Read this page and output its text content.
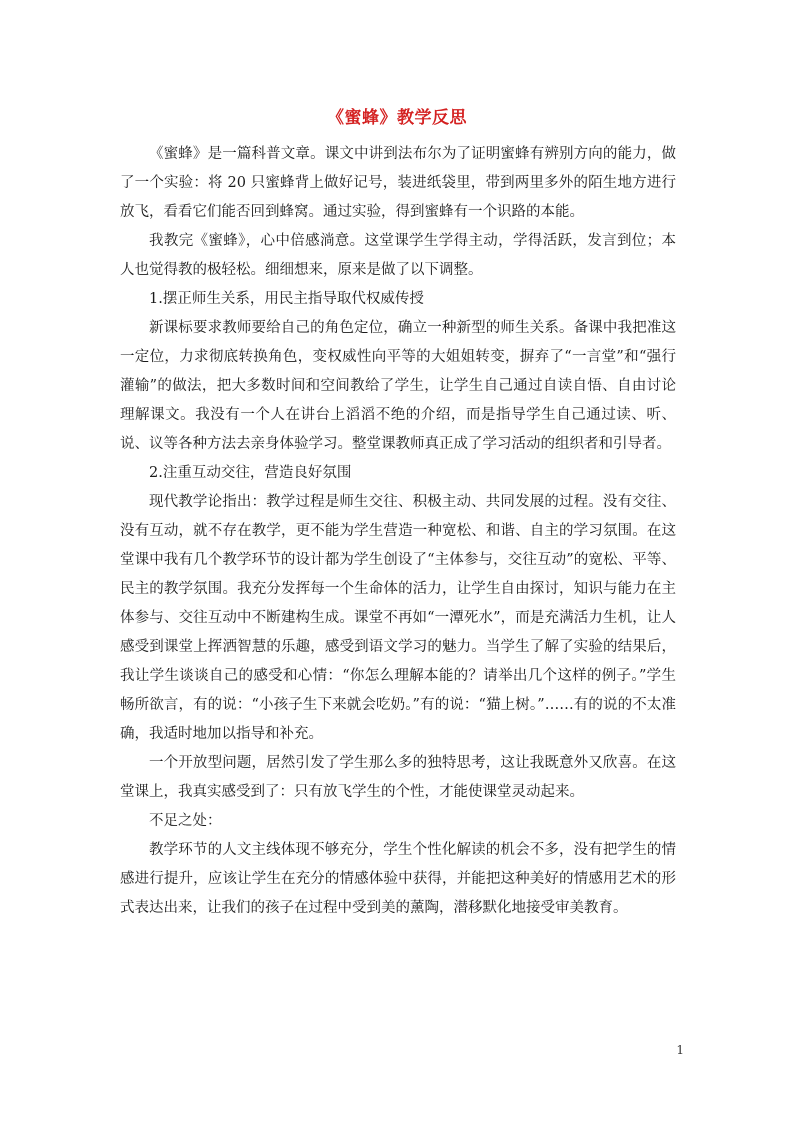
《蜜蜂》教学反思

《蜜蜂》是一篇科普文章。课文中讲到法布尔为了证明蜜蜂有辨别方向的能力，做了一个实验：将 20 只蜜蜂背上做好记号，装进纸袋里，带到两里多外的陌生地方进行放飞，看看它们能否回到蜂窝。通过实验，得到蜜蜂有一个识路的本能。

我教完《蜜蜂》，心中倍感淌意。这堂课学生学得主动，学得活跃，发言到位；本人也觉得教的极轻松。细细想来，原来是做了以下调整。

1.摆正师生关系，用民主指导取代权威传授

新课标要求教师要给自己的角色定位，确立一种新型的师生关系。备课中我把准这一定位，力求彻底转换角色，变权威性向平等的大姐姐转变，摒弃了“一言堂”和“强行灌输”的做法，把大多数时间和空间教给了学生，让学生自己通过自读自悟、自由讨论理解课文。我没有一个人在讲台上滔滔不绝的介绍，而是指导学生自己通过读、听、说、议等各种方法去亲身体验学习。整堂课教师真正成了学习活动的组织者和引导者。

2.注重互动交往，营造良好氛围

现代教学论指出：教学过程是师生交往、积极主动、共同发展的过程。没有交往、没有互动，就不存在教学，更不能为学生营造一种宽松、和谐、自主的学习氛围。在这堂课中我有几个教学环节的设计都为学生创设了“主体参与，交往互动”的宽松、平等、民主的教学氛围。我充分发挥每一个生命体的活力，让学生自由探讨，知识与能力在主体参与、交往互动中不断建构生成。课堂不再如“一潭死水”，而是充满活力生机，让人感受到课堂上挥洒智慧的乐趣，感受到语文学习的魅力。当学生了解了实验的结果后，我让学生谈谈自己的感受和心情：“你怎么理解本能的？请举出几个这样的例子。”学生畅所欲言，有的说：“小孩子生下来就会吃奶。”有的说：“猫上树。”……有的说的不太准确，我适时地加以指导和补充。

一个开放型问题，居然引发了学生那么多的独特思考，这让我既意外又欣喜。在这堂课上，我真实感受到了：只有放飞学生的个性，才能使课堂灵动起来。

不足之处：

教学环节的人文主线体现不够充分，学生个性化解读的机会不多，没有把学生的情感进行提升，应该让学生在充分的情感体验中获得，并能把这种美好的情感用艺术的形式表达出来，让我们的孩子在过程中受到美的薰陶，潜移默化地接受审美教育。

1
